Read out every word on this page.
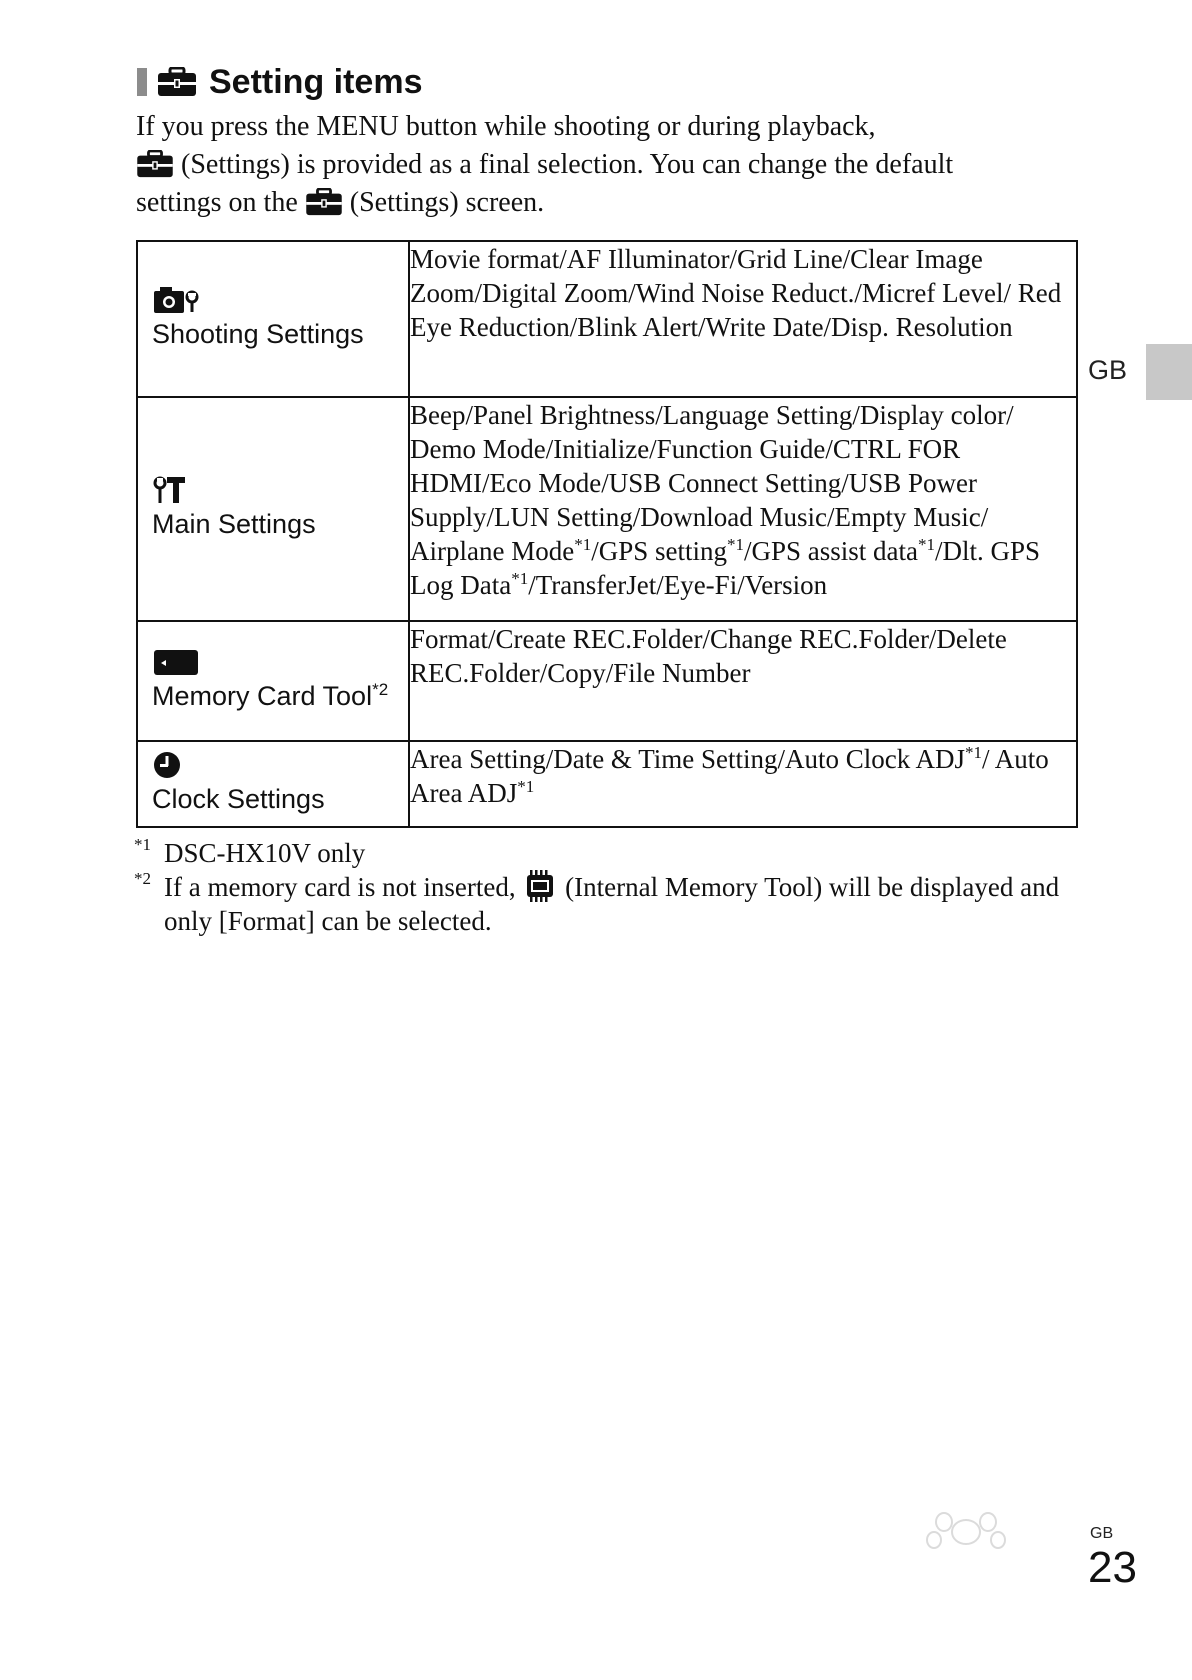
Setting items
If you press the MENU button while shooting or during playback,
(Settings) is provided as a final selection. You can change the default
settings on the  (Settings) screen.
Shooting Settings	Movie format/AF Illuminator/Grid Line/Clear Image Zoom/Digital Zoom/Wind Noise Reduct./Micref Level/ Red Eye Reduction/Blink Alert/Write Date/Disp. Resolution

Main Settings	Beep/Panel Brightness/Language Setting/Display color/ Demo Mode/Initialize/Function Guide/CTRL FOR HDMI/Eco Mode/USB Connect Setting/USB Power Supply/LUN Setting/Download Music/Empty Music/ Airplane Mode$^{*1}$/GPS setting$^{*1}$/GPS assist data$^{*1}$/Dlt. GPS Log Data$^{*1}$/TransferJet/Eye-Fi/Version

Memory Card Tool$^{*2}$	Format/Create REC.Folder/Change REC.Folder/Delete REC.Folder/Copy/File Number

Clock Settings	Area Setting/Date & Time Setting/Auto Clock ADJ$^{*1}$/ Auto Area ADJ$^{*1}$
$^{*1}$ DSC-HX10V only
$^{*2}$ If a memory card is not inserted,  (Internal Memory Tool) will be displayed and only [Format] can be selected.
GB
GB
23
